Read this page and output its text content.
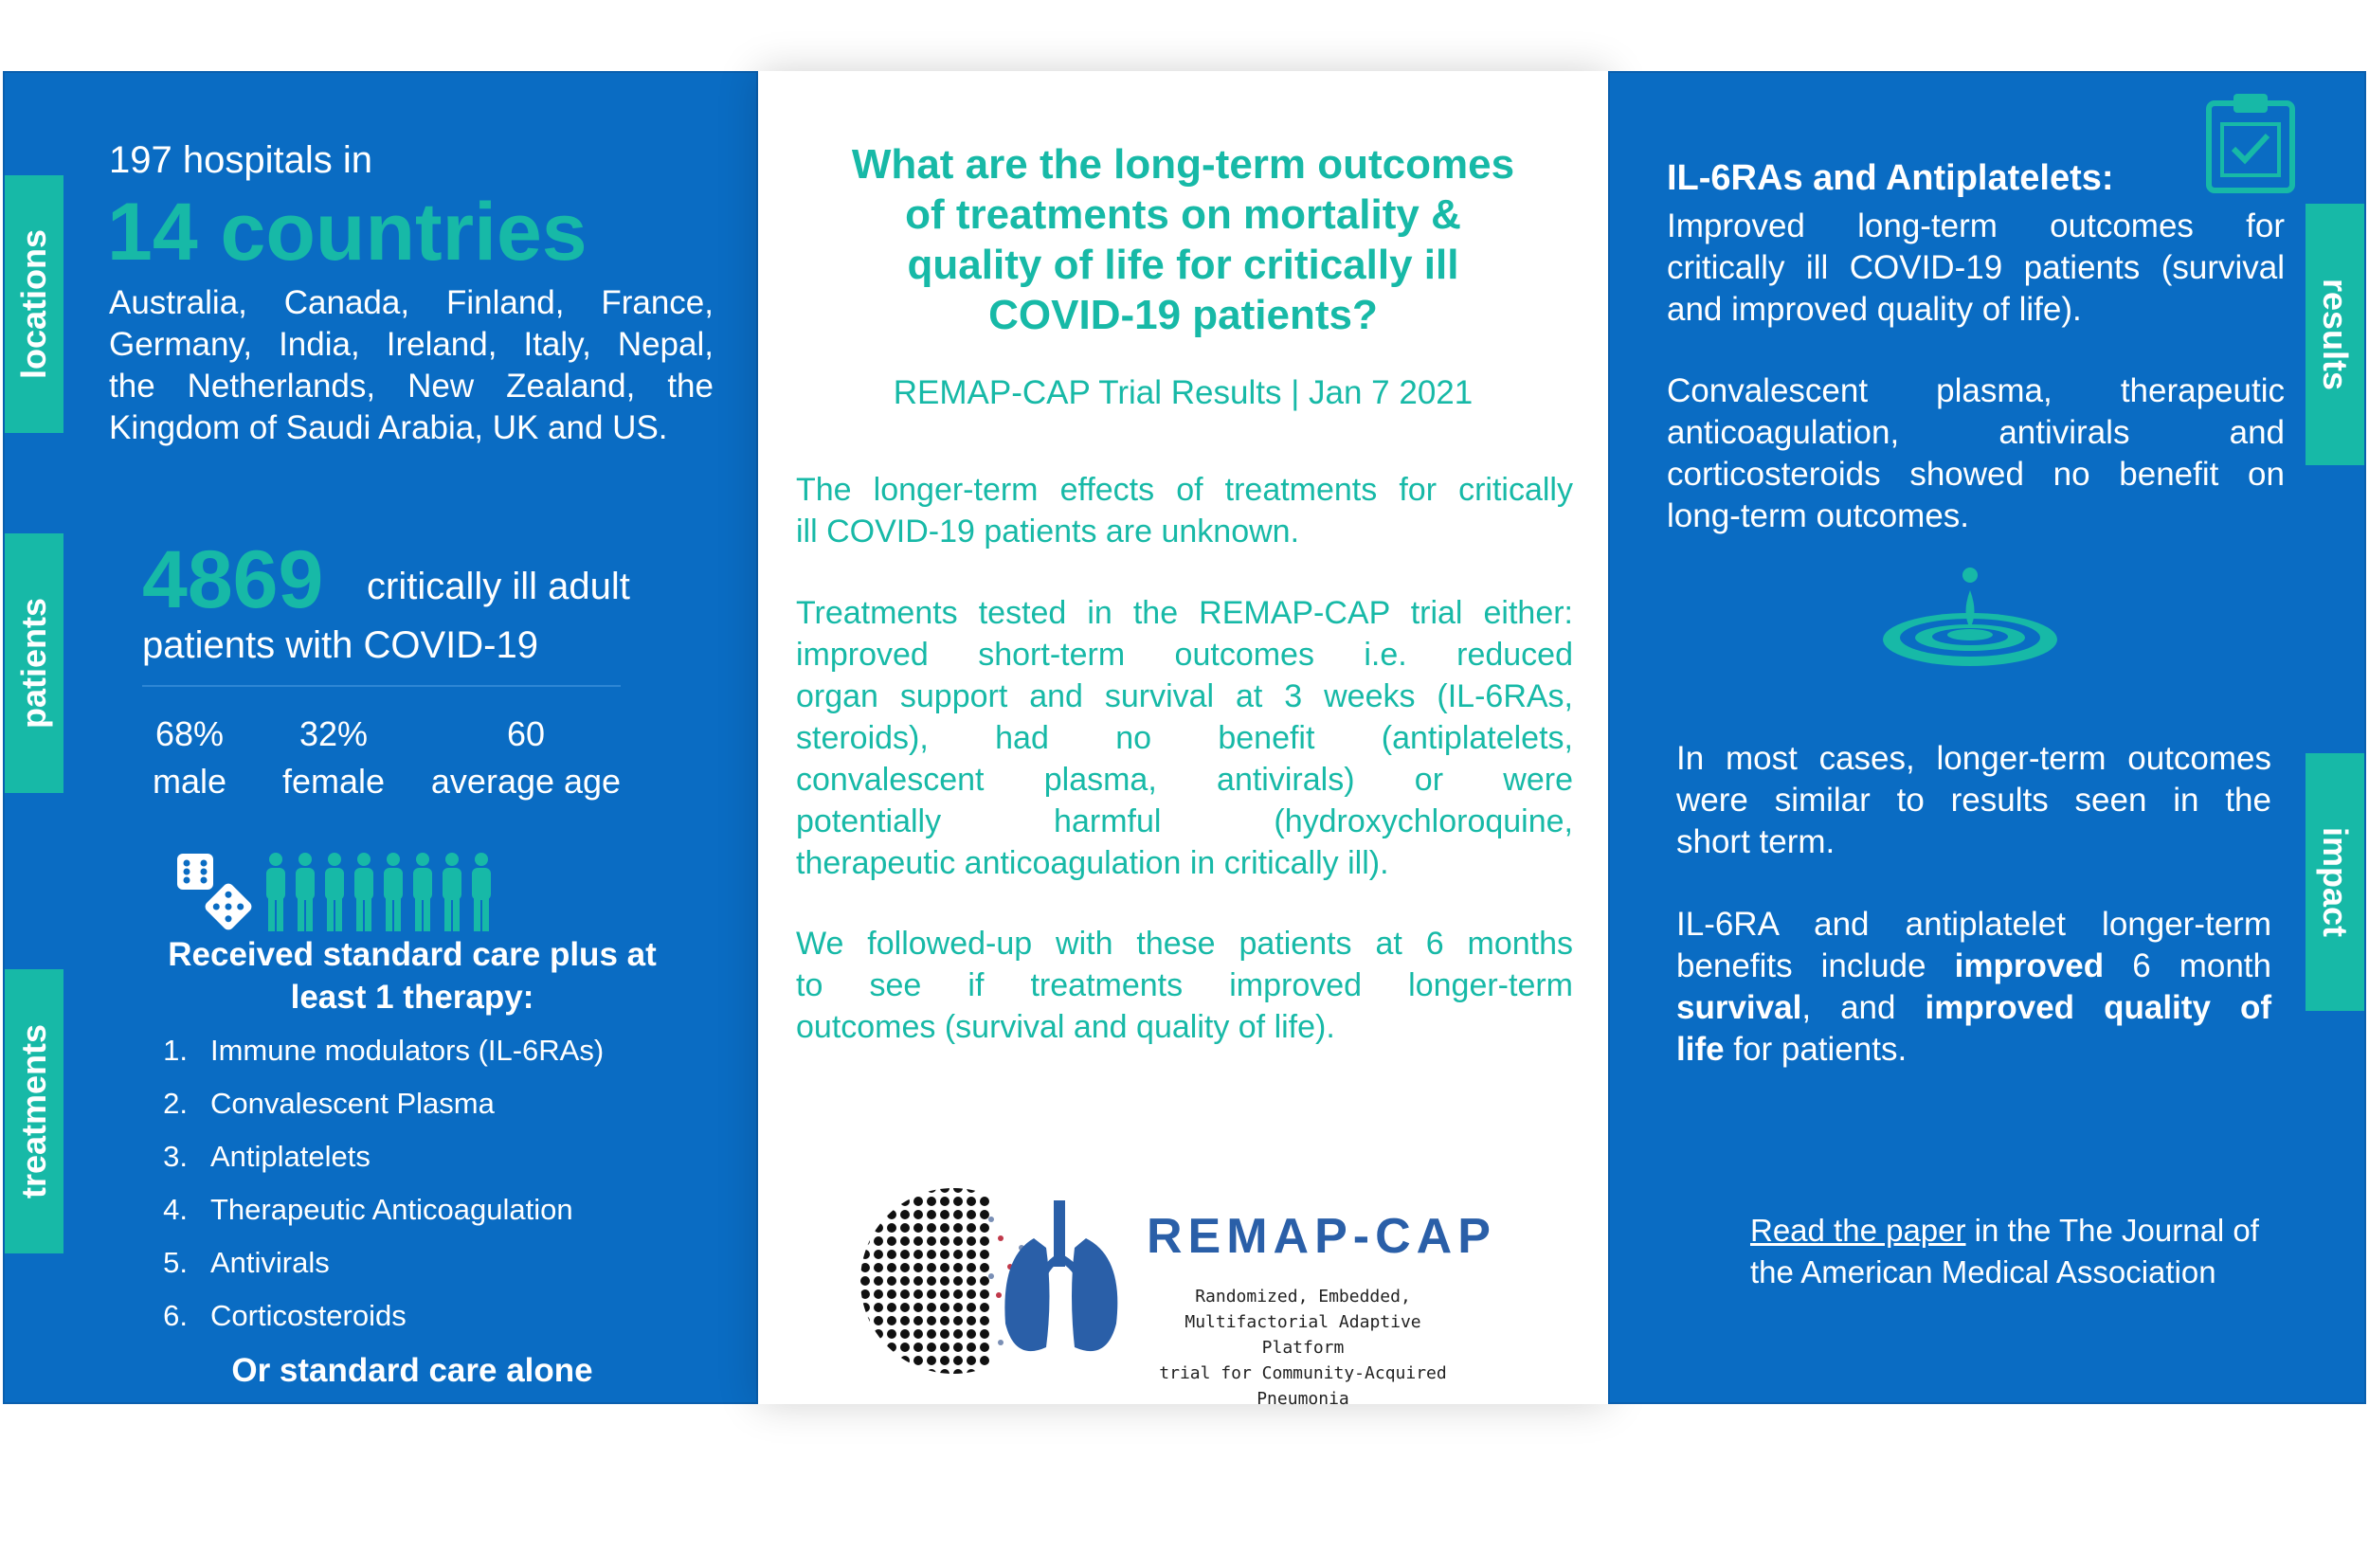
locations
patients
treatments

197 hospitals in

14 countries

Australia, Canada, Finland, France,
Germany, India, Ireland, Italy, Nepal,
the Netherlands, New Zealand, the
Kingdom of Saudi Arabia, UK and US.

4869 critically ill adult

patients with COVID-19

68%
male
32%
female
60
average age
Received standard care plus at
least 1 therapy:
1. Immune modulators (IL-6RAs)
2. Convalescent Plasma
3. Antiplatelets
4. Therapeutic Anticoagulation
5. Antivirals
6. Corticosteroids

Or standard care alone

What are the long-term outcomes
of treatments on mortality &
quality of life for critically ill
COVID-19 patients?

REMAP-CAP Trial Results | Jan 7 2021

The longer-term effects of treatments for critically
ill COVID-19 patients are unknown.
Treatments tested in the REMAP-CAP trial either:
improved short-term outcomes i.e. reduced
organ support and survival at 3 weeks (IL-6RAs,
steroids), had no benefit (antiplatelets,
convalescent plasma, antivirals) or were
potentially harmful (hydroxychloroquine,
therapeutic anticoagulation in critically ill).
We followed-up with these patients at 6 months
to see if treatments improved longer-term
outcomes (survival and quality of life).

REMAP-CAP

Randomized, Embedded,
Multifactorial Adaptive Platform
trial for Community-Acquired
Pneumonia
results
impact

IL-6RAs and Antiplatelets:

Improved long-term outcomes for
critically ill COVID-19 patients (survival
and improved quality of life).
Convalescent plasma, therapeutic
anticoagulation, antivirals and
corticosteroids showed no benefit on
long-term outcomes.
In most cases, longer-term outcomes
were similar to results seen in the
short term.
IL-6RA and antiplatelet longer-term
benefits include improved 6 month
survival, and improved quality of
life for patients.
Read the paper in the The Journal of
the American Medical Association
